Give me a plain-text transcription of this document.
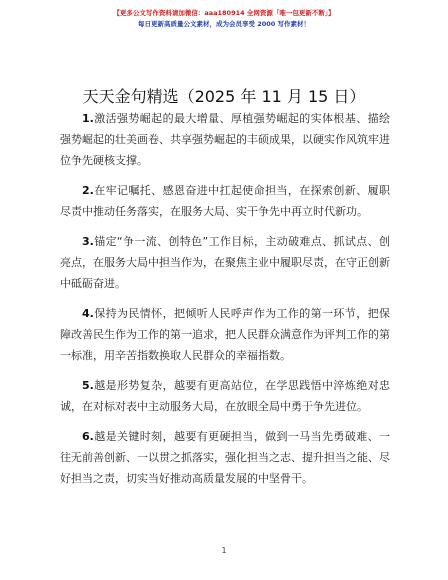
【更多公文写作资料请加微信：aaa180914 全网资源「唯一包更新不断」】
每日更新高质量公文素材，成为会员享受 2000 写作素材！
天天金句精选（2025 年 11 月 15 日）

1.激活强势崛起的最大增量、厚植强势崛起的实体根基、描绘强势崛起的壮美画卷、共享强势崛起的丰硕成果，以硬实作风筑牢进位争先硬核支撑。

2.在牢记嘱托、感恩奋进中扛起使命担当，在探索创新、履职尽责中推动任务落实，在服务大局、实干争先中再立时代新功。

3.锚定“争一流、创特色”工作目标，主动破难点、抓试点、创亮点，在服务大局中担当作为，在聚焦主业中履职尽责，在守正创新中砥砺奋进。

4.保持为民情怀，把倾听人民呼声作为工作的第一环节，把保障改善民生作为工作的第一追求，把人民群众满意作为评判工作的第一标准，用辛苦指数换取人民群众的幸福指数。

5.越是形势复杂，越要有更高站位，在学思践悟中淬炼绝对忠诚，在对标对表中主动服务大局，在放眼全局中勇于争先进位。

6.越是关键时刻，越要有更硬担当，做到一马当先勇破难、一往无前善创新、一以贯之抓落实，强化担当之志、提升担当之能、尽好担当之责，切实当好推动高质量发展的中坚骨干。

1
